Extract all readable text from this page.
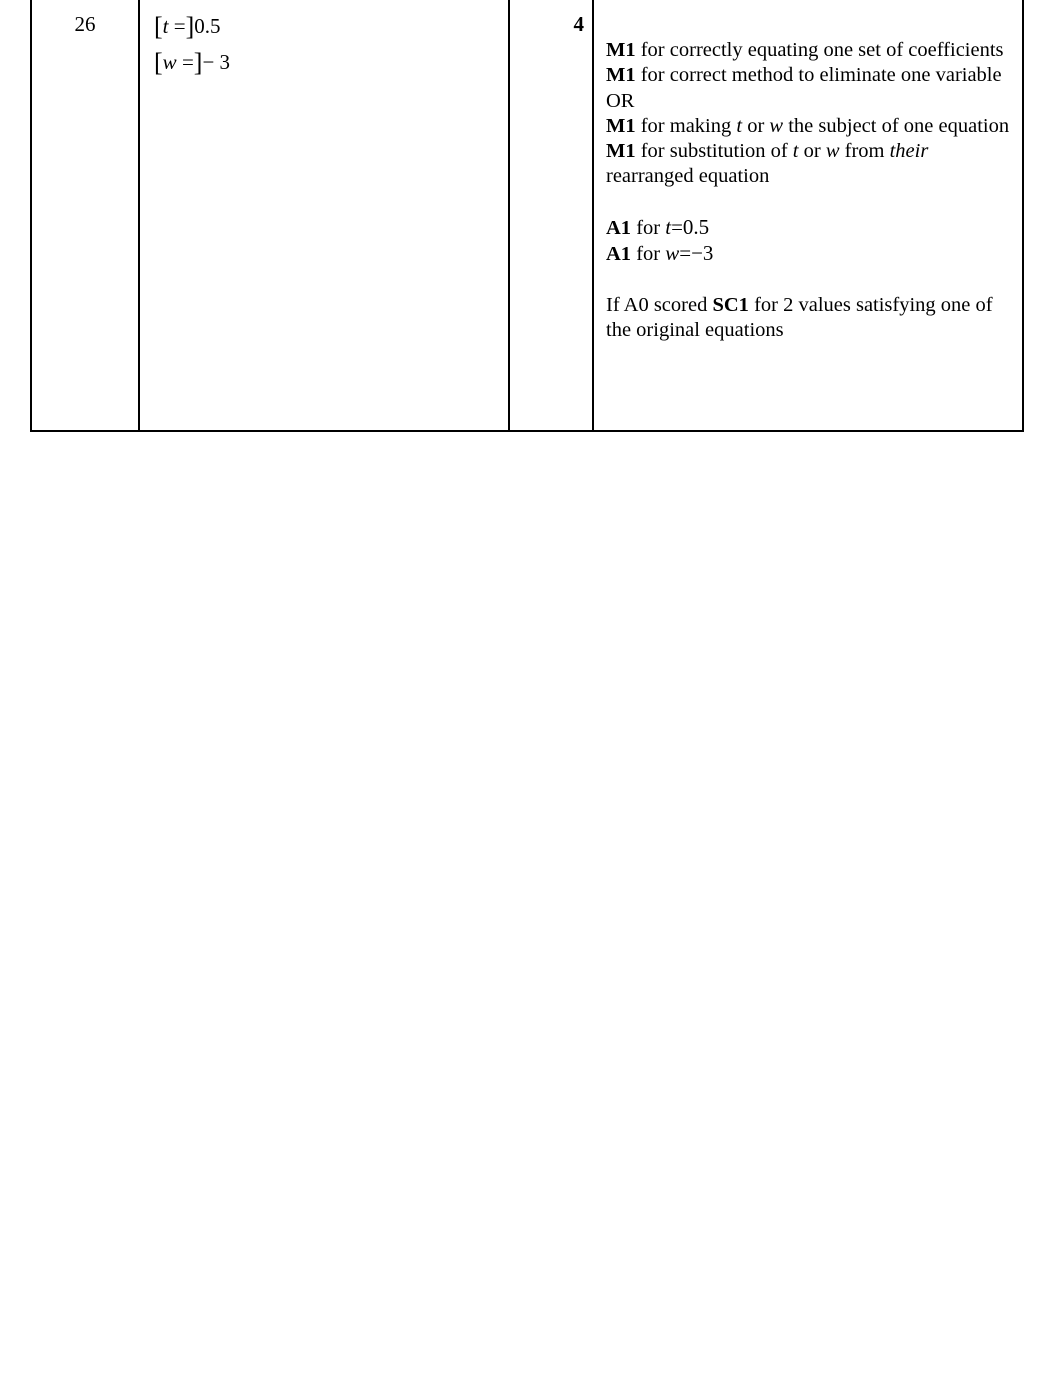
26	[t =]0.5
[w =]− 3
4
M1 for correctly equating one set of coefficients
M1 for correct method to eliminate one variable
OR
M1 for making t or w the subject of one equation
M1 for substitution of t or w from their rearranged equation
A1 for t=0.5
A1 for w=−3
If A0 scored SC1 for 2 values satisfying one of the original equations
